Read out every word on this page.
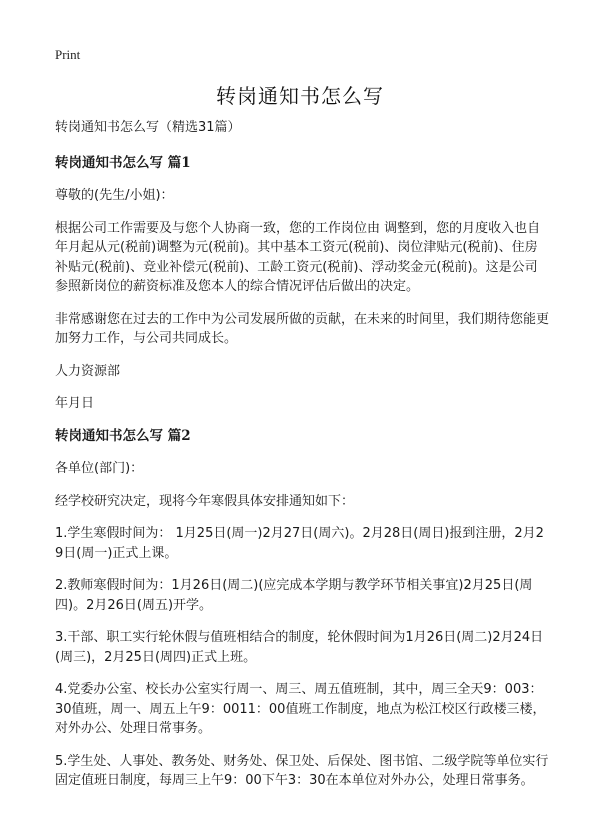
Print
转岗通知书怎么写

转岗通知书怎么写（精选31篇）

转岗通知书怎么写 篇1

尊敬的(先生/小姐)：

根据公司工作需要及与您个人协商一致，您的工作岗位由 调整到，您的月度收入也自年月起从元(税前)调整为元(税前)。其中基本工资元(税前)、岗位津贴元(税前)、住房补贴元(税前)、竞业补偿元(税前)、工龄工资元(税前)、浮动奖金元(税前)。这是公司参照新岗位的薪资标准及您本人的综合情况评估后做出的决定。

非常感谢您在过去的工作中为公司发展所做的贡献，在未来的时间里，我们期待您能更加努力工作，与公司共同成长。

人力资源部

年月日

转岗通知书怎么写 篇2

各单位(部门)：

经学校研究决定，现将今年寒假具体安排通知如下：

1.学生寒假时间为： 1月25日(周一)2月27日(周六)。2月28日(周日)报到注册，2月29日(周一)正式上课。

2.教师寒假时间为：1月26日(周二)(应完成本学期与教学环节相关事宜)2月25日(周四)。2月26日(周五)开学。

3.干部、职工实行轮休假与值班相结合的制度，轮休假时间为1月26日(周二)2月24日(周三)，2月25日(周四)正式上班。

4.党委办公室、校长办公室实行周一、周三、周五值班制，其中，周三全天9：003：30值班，周一、周五上午9：0011：00值班工作制度，地点为松江校区行政楼三楼，对外办公、处理日常事务。

5.学生处、人事处、教务处、财务处、保卫处、后保处、图书馆、二级学院等单位实行固定值班日制度，每周三上午9：00下午3：30在本单位对外办公，处理日常事务。
